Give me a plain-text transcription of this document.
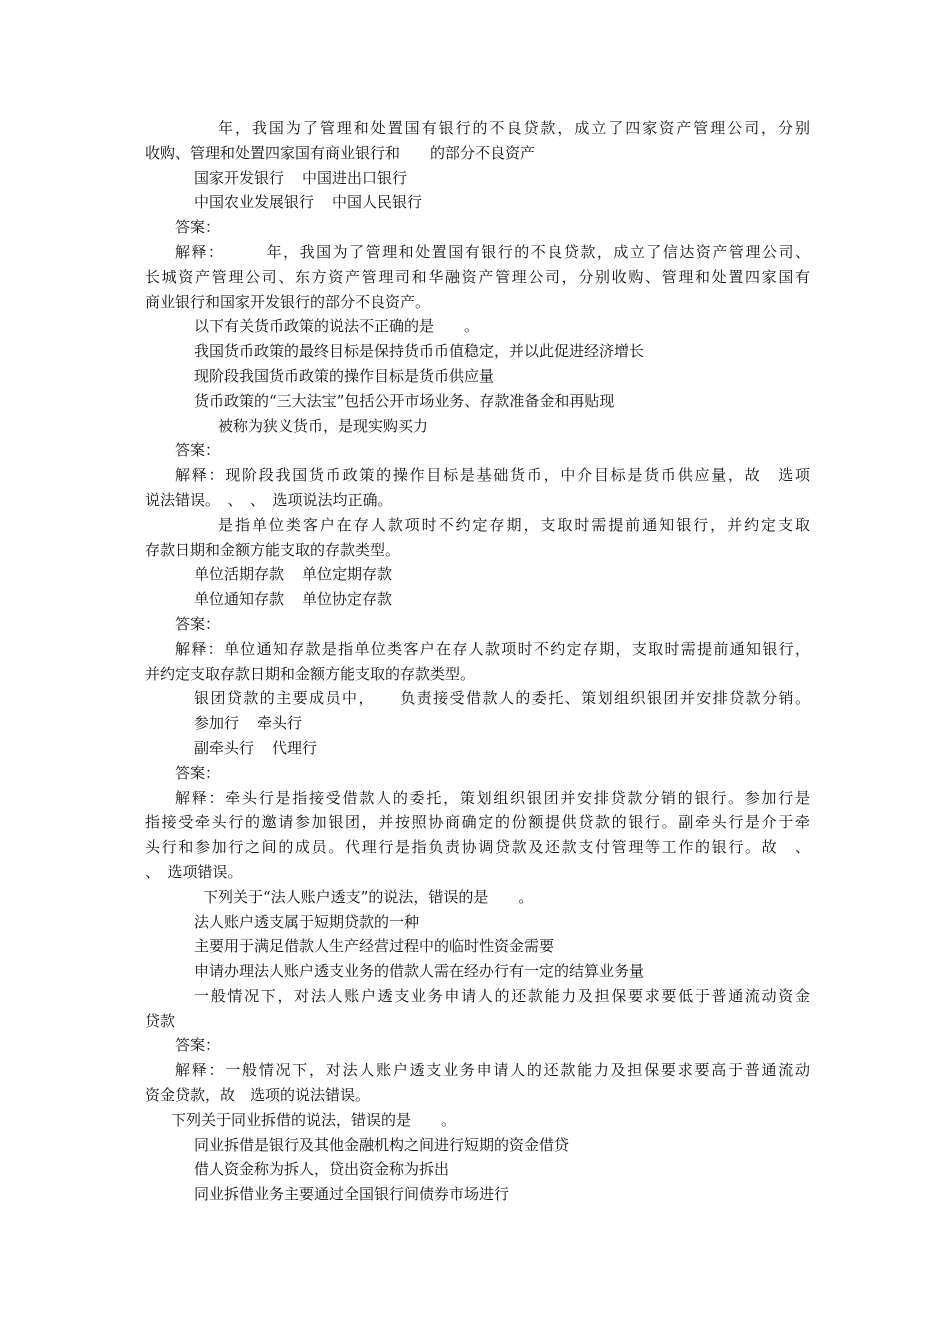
年，我国为了管理和处置国有银行的不良贷款，成立了四家资产管理公司，分别
收购、管理和处置四家国有商业银行和　　的部分不良资产
国家开发银行 中国进出口银行
中国农业发展银行 中国人民银行
答案：
解释：　　　年，我国为了管理和处置国有银行的不良贷款，成立了信达资产管理公司、
长城资产管理公司、东方资产管理司和华融资产管理公司，分别收购、管理和处置四家国有
商业银行和国家开发银行的部分不良资产。
以下有关货币政策的说法不正确的是　　。
我国货币政策的最终目标是保持货币币值稳定，并以此促进经济增长
现阶段我国货币政策的操作目标是货币供应量
货币政策的“三大法宝”包括公开市场业务、存款准备金和再贴现
被称为狭义货币，是现实购买力
答案：
解释：现阶段我国货币政策的操作目标是基础货币，中介目标是货币供应量，故　选项
说法错误。　、　、　选项说法均正确。
是指单位类客户在存人款项时不约定存期，支取时需提前通知银行，并约定支取
存款日期和金额方能支取的存款类型。
单位活期存款 单位定期存款
单位通知存款 单位协定存款
答案：
解释：单位通知存款是指单位类客户在存人款项时不约定存期，支取时需提前通知银行，
并约定支取存款日期和金额方能支取的存款类型。
银团贷款的主要成员中，　　负责接受借款人的委托、策划组织银团并安排贷款分销。
参加行 牵头行
副牵头行 代理行
答案：
解释：牵头行是指接受借款人的委托，策划组织银团并安排贷款分销的银行。参加行是
指接受牵头行的邀请参加银团，并按照协商确定的份额提供贷款的银行。副牵头行是介于牵
头行和参加行之间的成员。代理行是指负责协调贷款及还款支付管理等工作的银行。故　、
、　选项错误。
下列关于“法人账户透支”的说法，错误的是　　。
法人账户透支属于短期贷款的一种
主要用于满足借款人生产经营过程中的临时性资金需要
申请办理法人账户透支业务的借款人需在经办行有一定的结算业务量
一般情况下，对法人账户透支业务申请人的还款能力及担保要求要低于普通流动资金
贷款
答案：
解释：一般情况下，对法人账户透支业务申请人的还款能力及担保要求要高于普通流动
资金贷款，故　选项的说法错误。
下列关于同业拆借的说法，错误的是　　。
同业拆借是银行及其他金融机构之间进行短期的资金借贷
借人资金称为拆人，贷出资金称为拆出
同业拆借业务主要通过全国银行间债券市场进行
